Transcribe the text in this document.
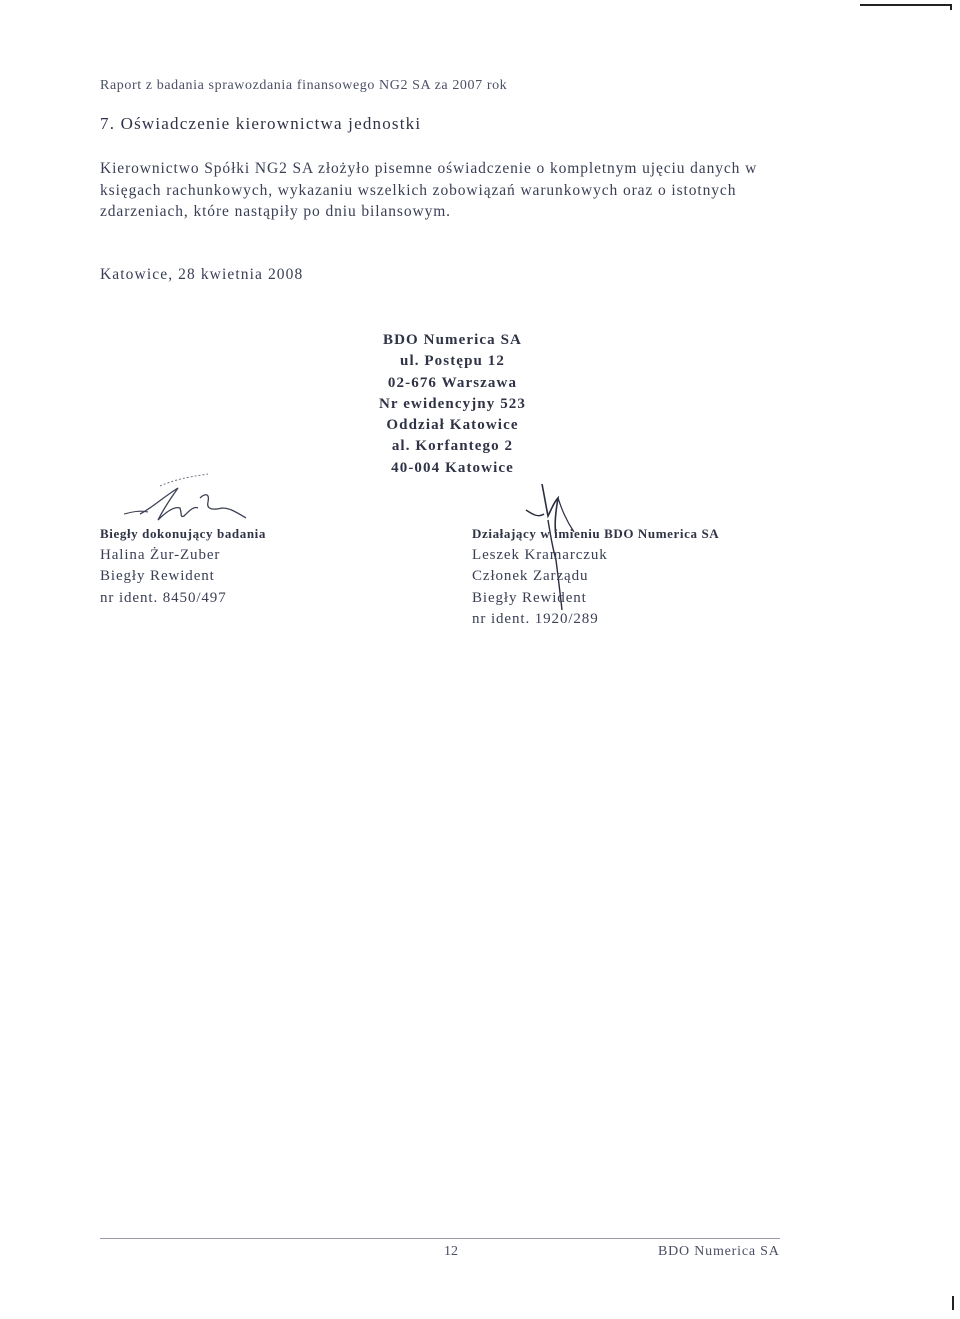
Raport z badania sprawozdania finansowego NG2 SA za 2007 rok
7. Oświadczenie kierownictwa jednostki
Kierownictwo Spółki NG2 SA złożyło pisemne oświadczenie o kompletnym ujęciu danych w
księgach rachunkowych, wykazaniu wszelkich zobowiązań warunkowych oraz o istotnych
zdarzeniach, które nastąpiły po dniu bilansowym.
Katowice, 28 kwietnia 2008
BDO Numerica SA
ul. Postępu 12
02-676 Warszawa
Nr ewidencyjny 523
Oddział Katowice
al. Korfantego 2
40-004 Katowice
Biegły dokonujący badania
Halina Żur-Zuber
Biegły Rewident
nr ident. 8450/497
Działający w imieniu BDO Numerica SA
Leszek Kramarczuk
Członek Zarządu
Biegły Rewident
nr ident. 1920/289
12	BDO Numerica SA
